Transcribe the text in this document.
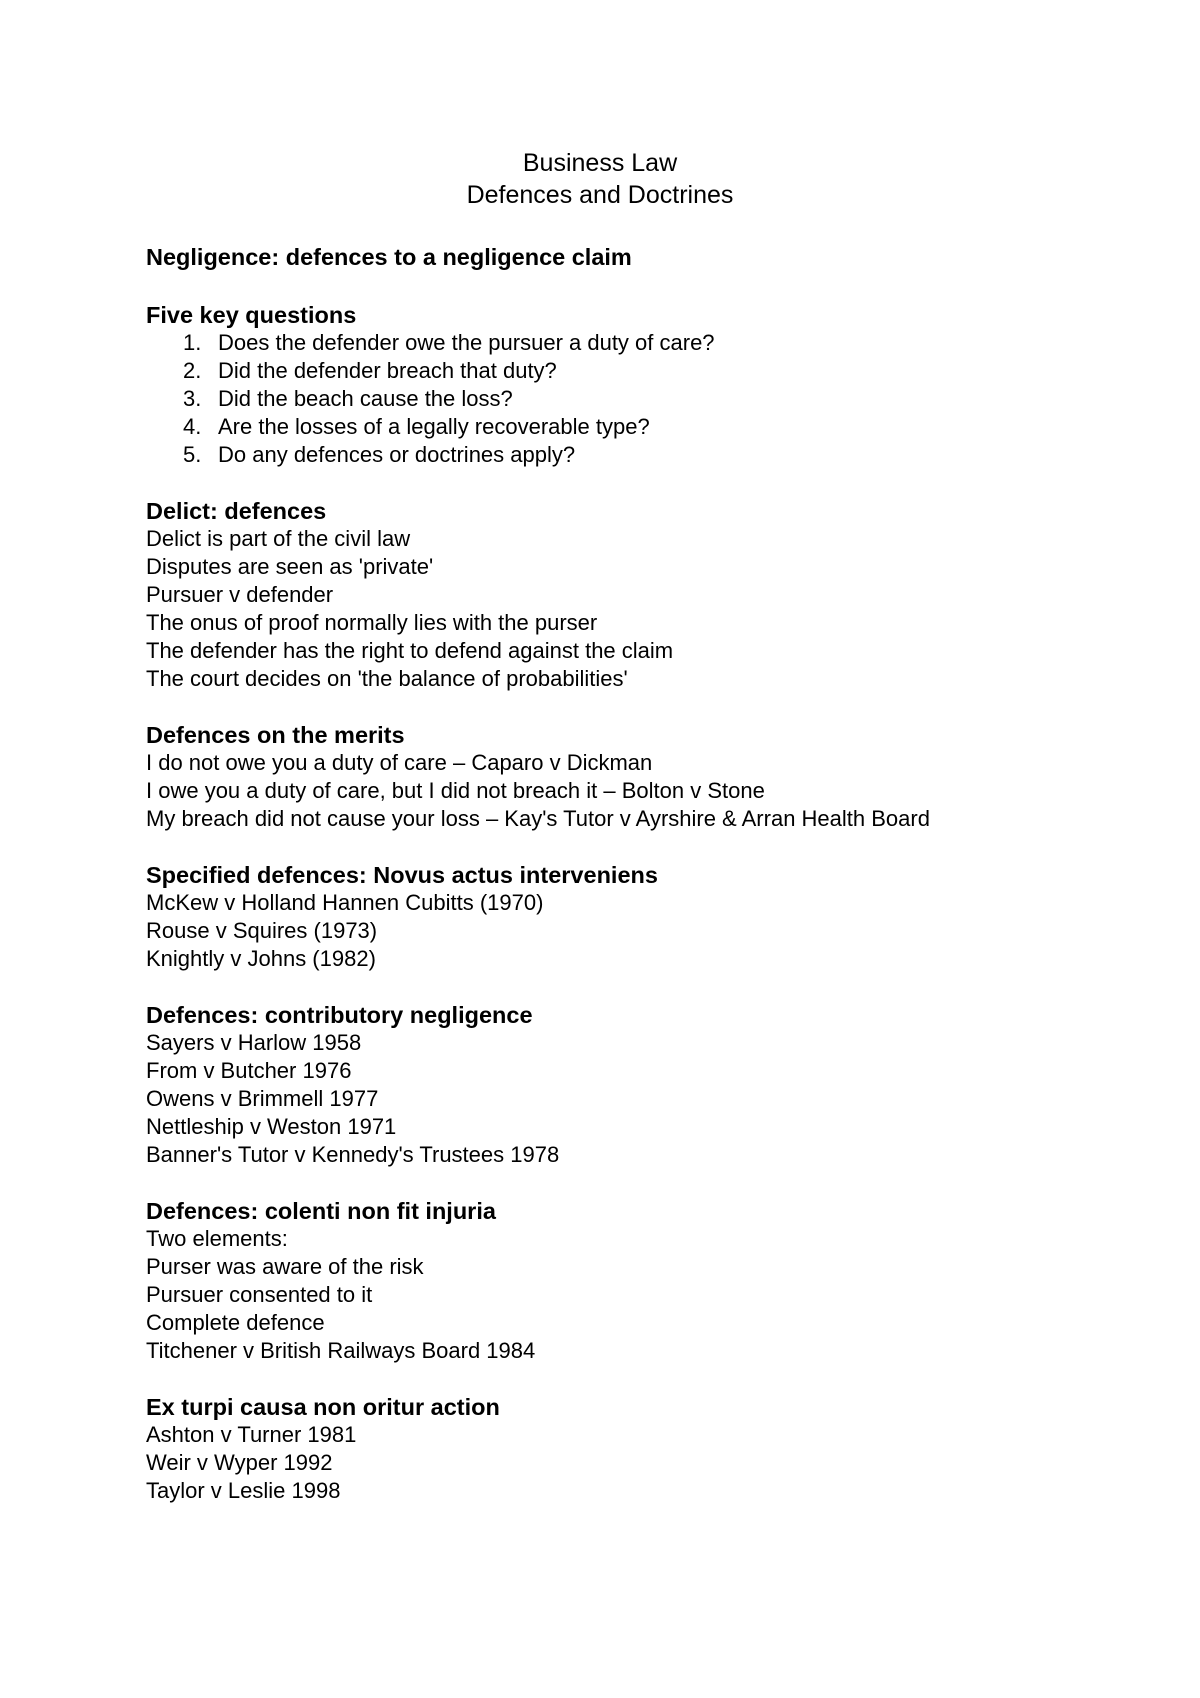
Business Law
Defences and Doctrines

Negligence: defences to a negligence claim

Five key questions

1. Does the defender owe the pursuer a duty of care?
2. Did the defender breach that duty?
3. Did the beach cause the loss?
4. Are the losses of a legally recoverable type?
5. Do any defences or doctrines apply?

Delict: defences

Delict is part of the civil law

Disputes are seen as 'private'

Pursuer v defender

The onus of proof normally lies with the purser

The defender has the right to defend against the claim

The court decides on 'the balance of probabilities'

Defences on the merits

I do not owe you a duty of care – Caparo v Dickman

I owe you a duty of care, but I did not breach it – Bolton v Stone

My breach did not cause your loss – Kay's Tutor v Ayrshire & Arran Health Board

Specified defences: Novus actus interveniens

McKew v Holland Hannen Cubitts (1970)

Rouse v Squires (1973)

Knightly v Johns (1982)

Defences: contributory negligence

Sayers v Harlow 1958

From v Butcher 1976

Owens v Brimmell 1977

Nettleship v Weston 1971

Banner's Tutor v Kennedy's Trustees 1978

Defences: colenti non fit injuria

Two elements:

Purser was aware of the risk

Pursuer consented to it

Complete defence

Titchener v British Railways Board 1984

Ex turpi causa non oritur action

Ashton v Turner 1981

Weir v Wyper 1992

Taylor v Leslie 1998
